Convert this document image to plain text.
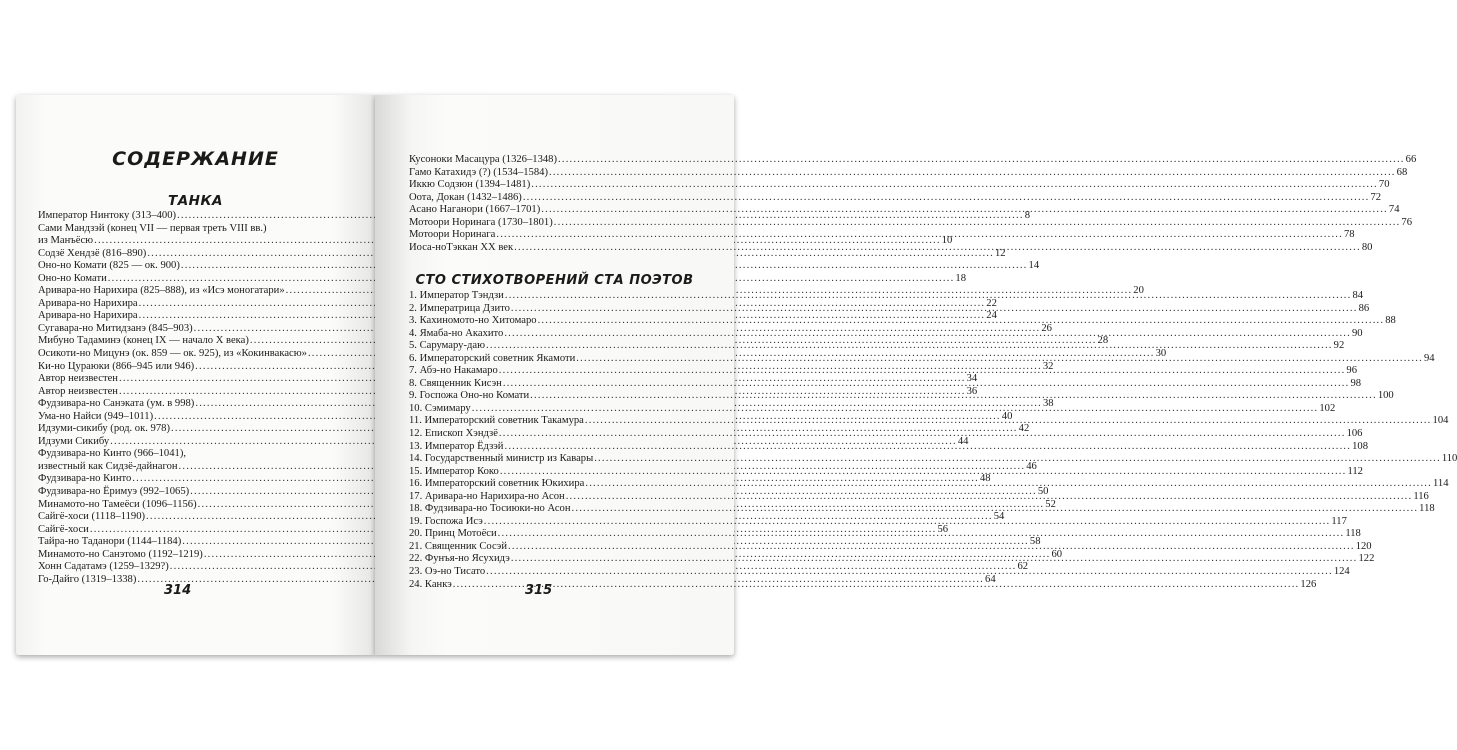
СОДЕРЖАНИЕ
ТАНКА
Император Нинтоку (313–400) .....	8
Сами Мандзэй (конец VII — первая треть VIII вв.)
из Манъёсю .....	10
Содзё Хендзё (816–890) .....	12
Оно-но Комати (825 — ок. 900) .....	14
Оно-но Комати .....	18
Аривара-но Нарихира (825–888), из «Исэ моногатари» .....	20
Аривара-но Нарихира .....	22
Аривара-но Нарихира .....	24
Сугавара-но Митидзанэ (845–903) .....	26
Мибуно Тадаминэ (конец IX — начало X века) .....	28
Осикоти-но Мицунэ (ок. 859 — ок. 925), из «Кокинвакасю» .....	30
Ки-но Цураюки (866–945 или 946) .....	32
Автор неизвестен .....	34
Автор неизвестен .....	36
Фудзивара-но Санэката (ум. в 998) .....	38
Ума-но Найси (949–1011) .....	40
Идзуми-сикибу (род. ок. 978) .....	42
Идзуми Сикибу .....	44
Фудзивара-но Кинто (966–1041),
известный как Сидзё-дайнагон .....	46
Фудзивара-но Кинто .....	48
Фудзивара-но Ёримуэ (992–1065) .....	50
Минамото-но Тамеёси (1096–1156) .....	52
Сайгё-хоси (1118–1190) .....	54
Сайгё-хоси .....	56
Тайра-но Таданори (1144–1184) .....	58
Минамото-но Санэтомо (1192–1219) .....	60
Хонн Садатамэ (1259–1329?) .....	62
Го-Дайго (1319–1338) .....	64
314
Кусоноки Масацура (1326–1348) .....	66
Гамо Катахидэ (?) (1534–1584) .....	68
Иккю Содзюн (1394–1481) .....	70
Оота, Докан (1432–1486) .....	72
Асано Наганори (1667–1701) .....	74
Мотоори Норинага (1730–1801) .....	76
Мотоори Норинага .....	78
Иоса-ноТэккан XX век .....	80
СТО СТИХОТВОРЕНИЙ СТА ПОЭТОВ
1. Император Тэндзи .....	84
2. Императрица Дзито .....	86
3. Кахиномото-но Хитомаро .....	88
4. Ямаба-но Акахито .....	90
5. Сарумару-даю .....	92
6. Императорский советник Якамоти .....	94
7. Абэ-но Накамаро .....	96
8. Священник Кисэн .....	98
9. Госпожа Оно-но Комати .....	100
10. Сэмимару .....	102
11. Императорский советник Такамура .....	104
12. Епископ Хэндзё .....	106
13. Император Ёдзэй .....	108
14. Государственный министр из Кавары .....	110
15. Император Коко .....	112
16. Императорский советник Юкихира .....	114
17. Аривара-но Нарихира-но Асон .....	116
18. Фудзивара-но Тосиюки-но Асон .....	118
19. Госпожа Исэ .....	117
20. Принц Мотоёси .....	118
21. Священник Сосэй .....	120
22. Фунъя-но Ясухидэ .....	122
23. Оэ-но Тисато .....	124
24. Канкэ .....	126
315
